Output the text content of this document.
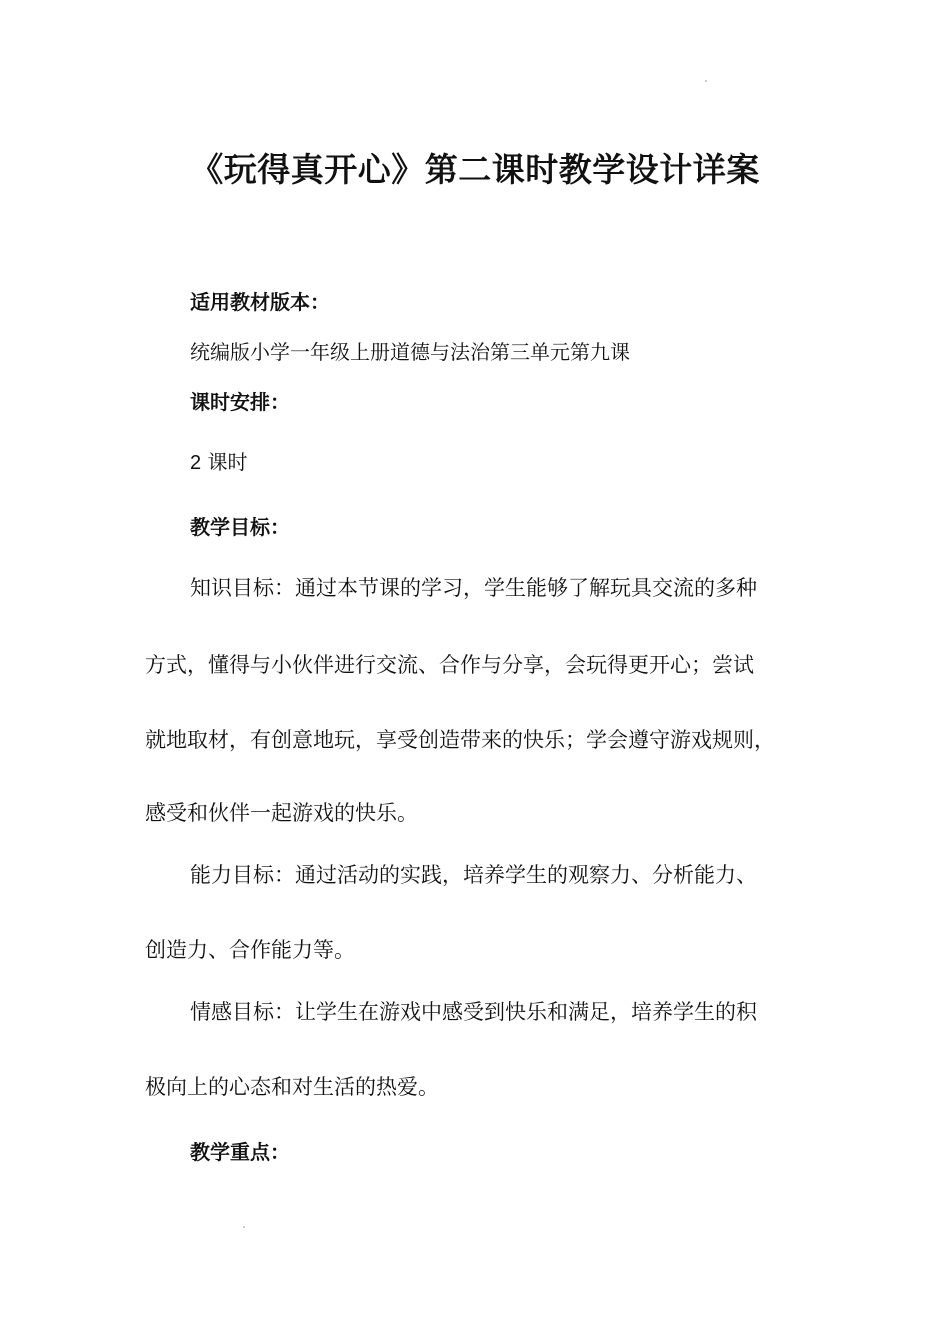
《玩得真开心》第二课时教学设计详案
适用教材版本：
统编版小学一年级上册道德与法治第三单元第九课
课时安排：
2 课时
教学目标：
知识目标：通过本节课的学习，学生能够了解玩具交流的多种
方式，懂得与小伙伴进行交流、合作与分享，会玩得更开心；尝试
就地取材，有创意地玩，享受创造带来的快乐；学会遵守游戏规则，
感受和伙伴一起游戏的快乐。
能力目标：通过活动的实践，培养学生的观察力、分析能力、
创造力、合作能力等。
情感目标：让学生在游戏中感受到快乐和满足，培养学生的积
极向上的心态和对生活的热爱。
教学重点：
